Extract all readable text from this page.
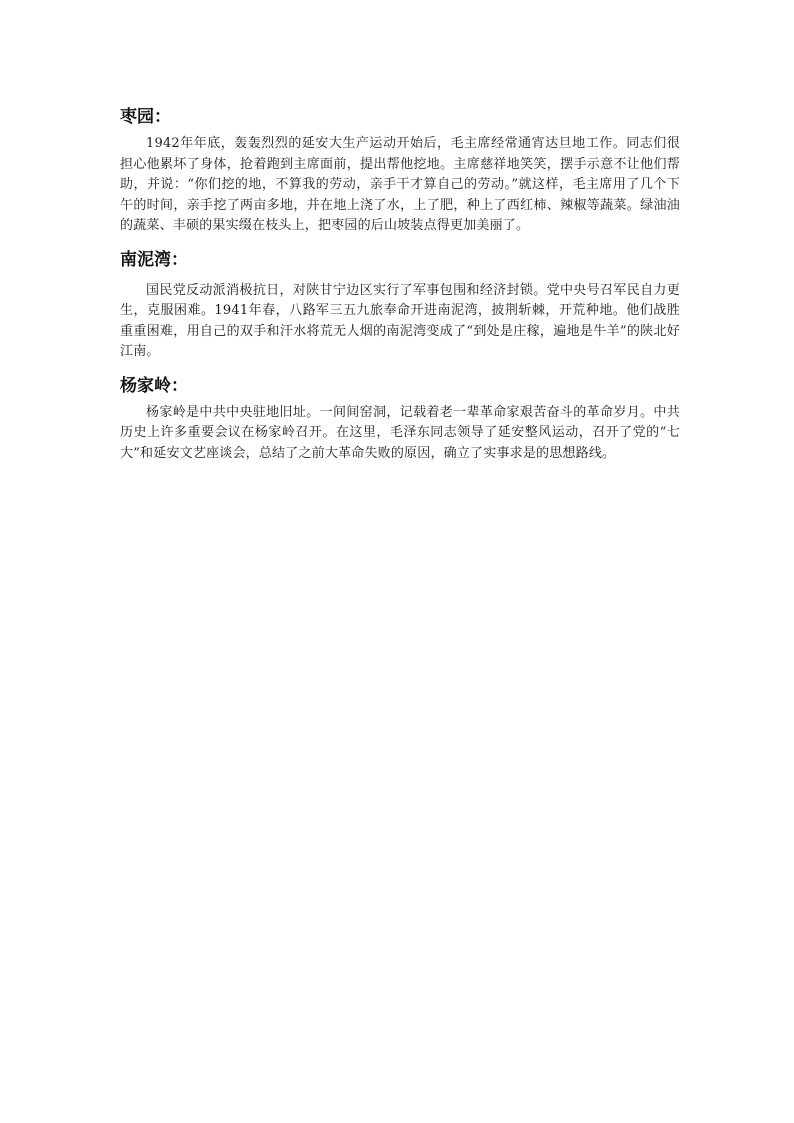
枣园：

1942年年底，轰轰烈烈的延安大生产运动开始后，毛主席经常通宵达旦地工作。同志们很担心他累坏了身体，抢着跑到主席面前，提出帮他挖地。主席慈祥地笑笑，摆手示意不让他们帮助，并说：“你们挖的地，不算我的劳动，亲手干才算自己的劳动。”就这样，毛主席用了几个下午的时间，亲手挖了两亩多地，并在地上浇了水，上了肥，种上了西红柿、辣椒等蔬菜。绿油油的蔬菜、丰硕的果实缀在枝头上，把枣园的后山坡装点得更加美丽了。

南泥湾：

国民党反动派消极抗日，对陕甘宁边区实行了军事包围和经济封锁。党中央号召军民自力更生，克服困难。1941年春，八路军三五九旅奉命开进南泥湾，披荆斩棘，开荒种地。他们战胜重重困难，用自己的双手和汗水将荒无人烟的南泥湾变成了“到处是庄稼，遍地是牛羊”的陕北好江南。

杨家岭：

杨家岭是中共中央驻地旧址。一间间窑洞，记载着老一辈革命家艰苦奋斗的革命岁月。中共历史上许多重要会议在杨家岭召开。在这里，毛泽东同志领导了延安整风运动，召开了党的“七大”和延安文艺座谈会，总结了之前大革命失败的原因，确立了实事求是的思想路线。
